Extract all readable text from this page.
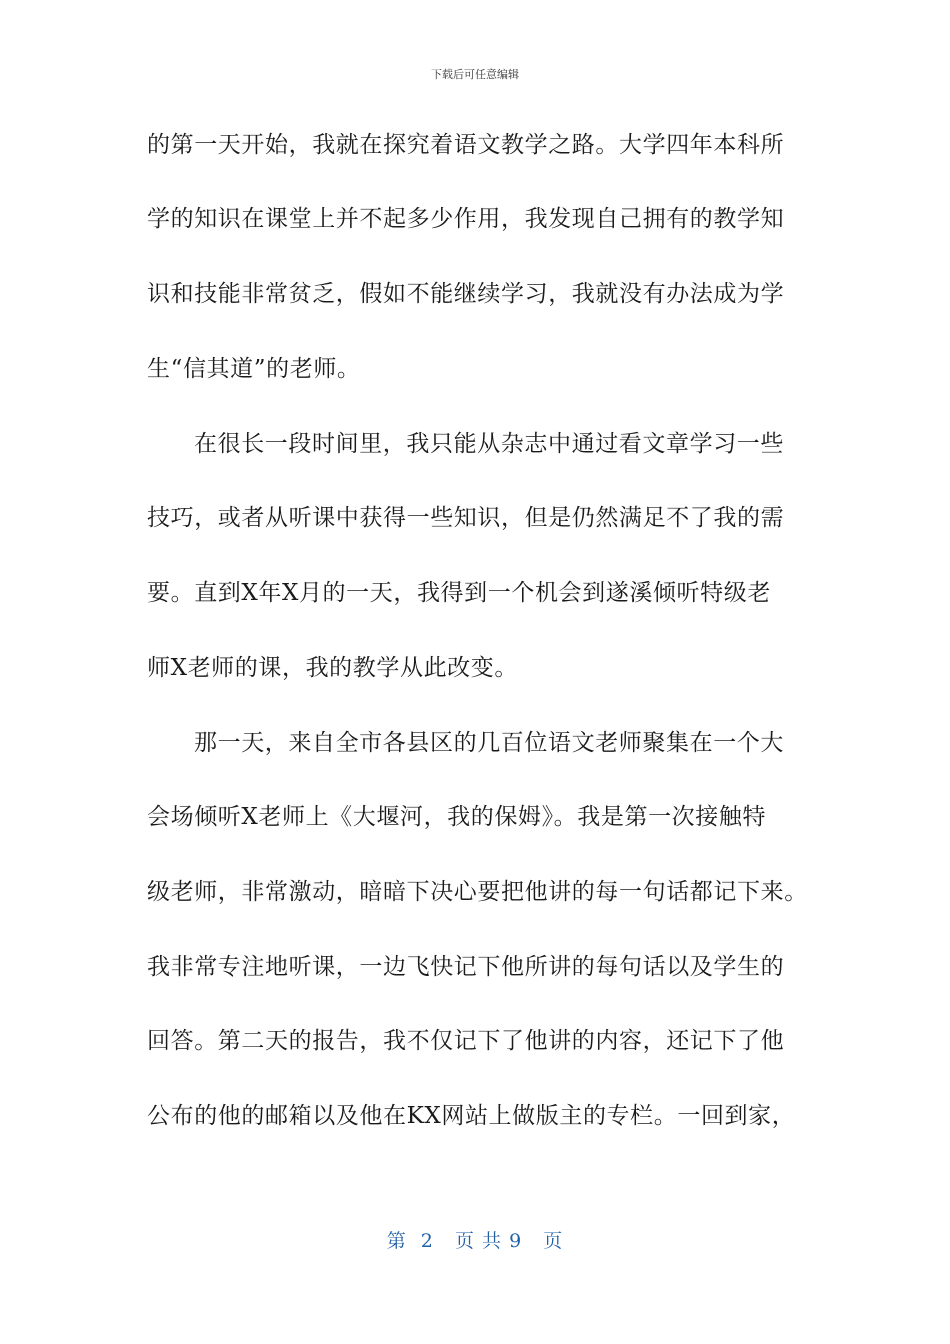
下载后可任意编辑
的第一天开始，我就在探究着语文教学之路。大学四年本科所
学的知识在课堂上并不起多少作用，我发现自己拥有的教学知
识和技能非常贫乏，假如不能继续学习，我就没有办法成为学
生“信其道”的老师。
在很长一段时间里，我只能从杂志中通过看文章学习一些
技巧，或者从听课中获得一些知识，但是仍然满足不了我的需
要。直到X年X月的一天，我得到一个机会到遂溪倾听特级老
师X老师的课，我的教学从此改变。
那一天，来自全市各县区的几百位语文老师聚集在一个大
会场倾听X老师上《大堰河，我的保姆》。我是第一次接触特
级老师，非常激动，暗暗下决心要把他讲的每一句话都记下来。
我非常专注地听课，一边飞快记下他所讲的每句话以及学生的
回答。第二天的报告，我不仅记下了他讲的内容，还记下了他
公布的他的邮箱以及他在KX网站上做版主的专栏。一回到家，
第  2   页 共 9   页
